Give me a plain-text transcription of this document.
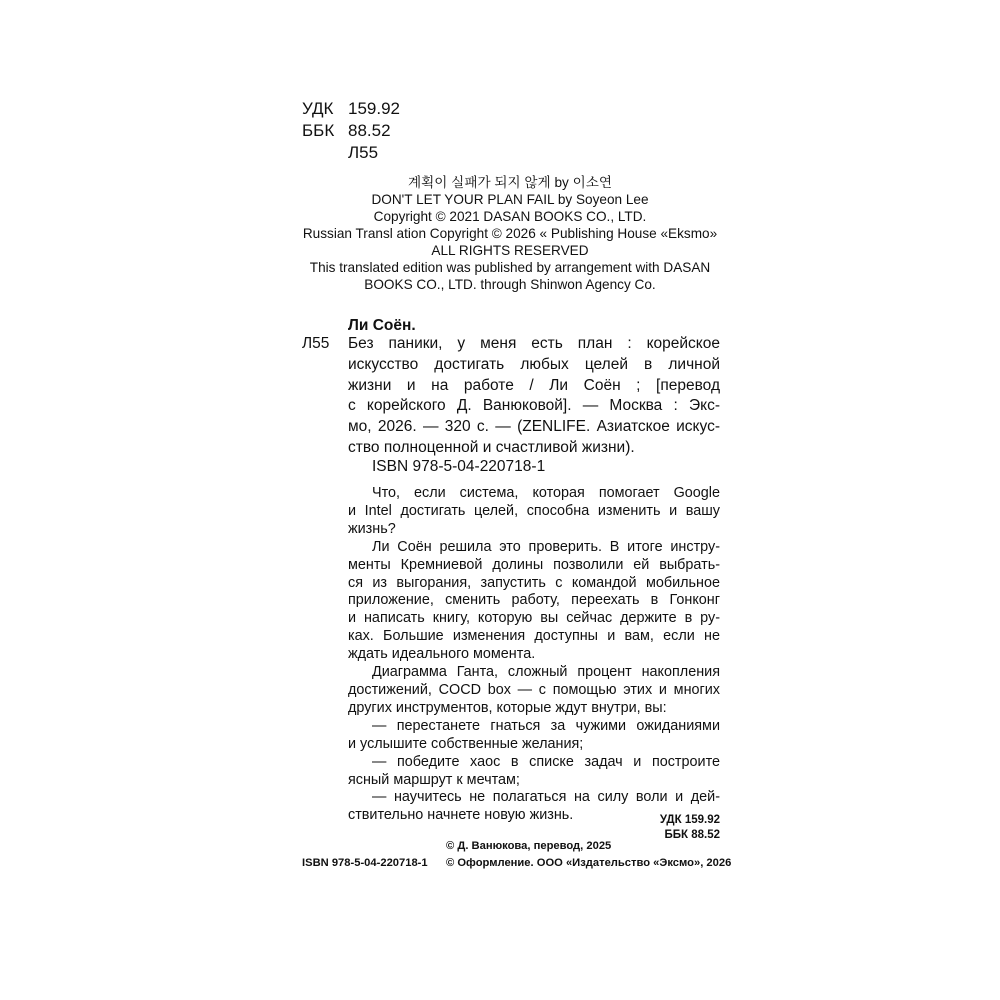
УДК 159.92
ББК 88.52
Л55
계획이 실패가 되지 않게 by 이소연
DON'T LET YOUR PLAN FAIL by Soyeon Lee
Copyright © 2021 DASAN BOOKS CO., LTD.
Russian Transl ation Copyright © 2026 « Publishing House «Eksmo»
ALL RIGHTS RESERVED
This translated edition was published by arrangement with DASAN
BOOKS CO., LTD. through Shinwon Agency Co.
Ли Соён.
Л55 Без паники, у меня есть план : корейское
искусство достигать любых целей в личной
жизни и на работе / Ли Соён ; [перевод
с корейского Д. Ванюковой]. — Москва : Экс-
мо, 2026. — 320 с. — (ZENLIFE. Азиатское искус-
ство полноценной и счастливой жизни).
ISBN 978-5-04-220718-1
Что, если система, которая помогает Google
и Intel достигать целей, способна изменить и вашу
жизнь?
Ли Соён решила это проверить. В итоге инстру-
менты Кремниевой долины позволили ей выбрать-
ся из выгорания, запустить с командой мобильное
приложение, сменить работу, переехать в Гонконг
и написать книгу, которую вы сейчас держите в ру-
ках. Большие изменения доступны и вам, если не
ждать идеального момента.
Диаграмма Ганта, сложный процент накопления
достижений, COCD box — с помощью этих и многих
других инструментов, которые ждут внутри, вы:
— перестанете гнаться за чужими ожиданиями
и услышите собственные желания;
— победите хаос в списке задач и построите
ясный маршрут к мечтам;
— научитесь не полагаться на силу воли и дей-
ствительно начнете новую жизнь.	УДК 159.92
ББК 88.52
© Д. Ванюкова, перевод, 2025
© Оформление. ООО «Издательство «Эксмо», 2026
ISBN 978-5-04-220718-1
